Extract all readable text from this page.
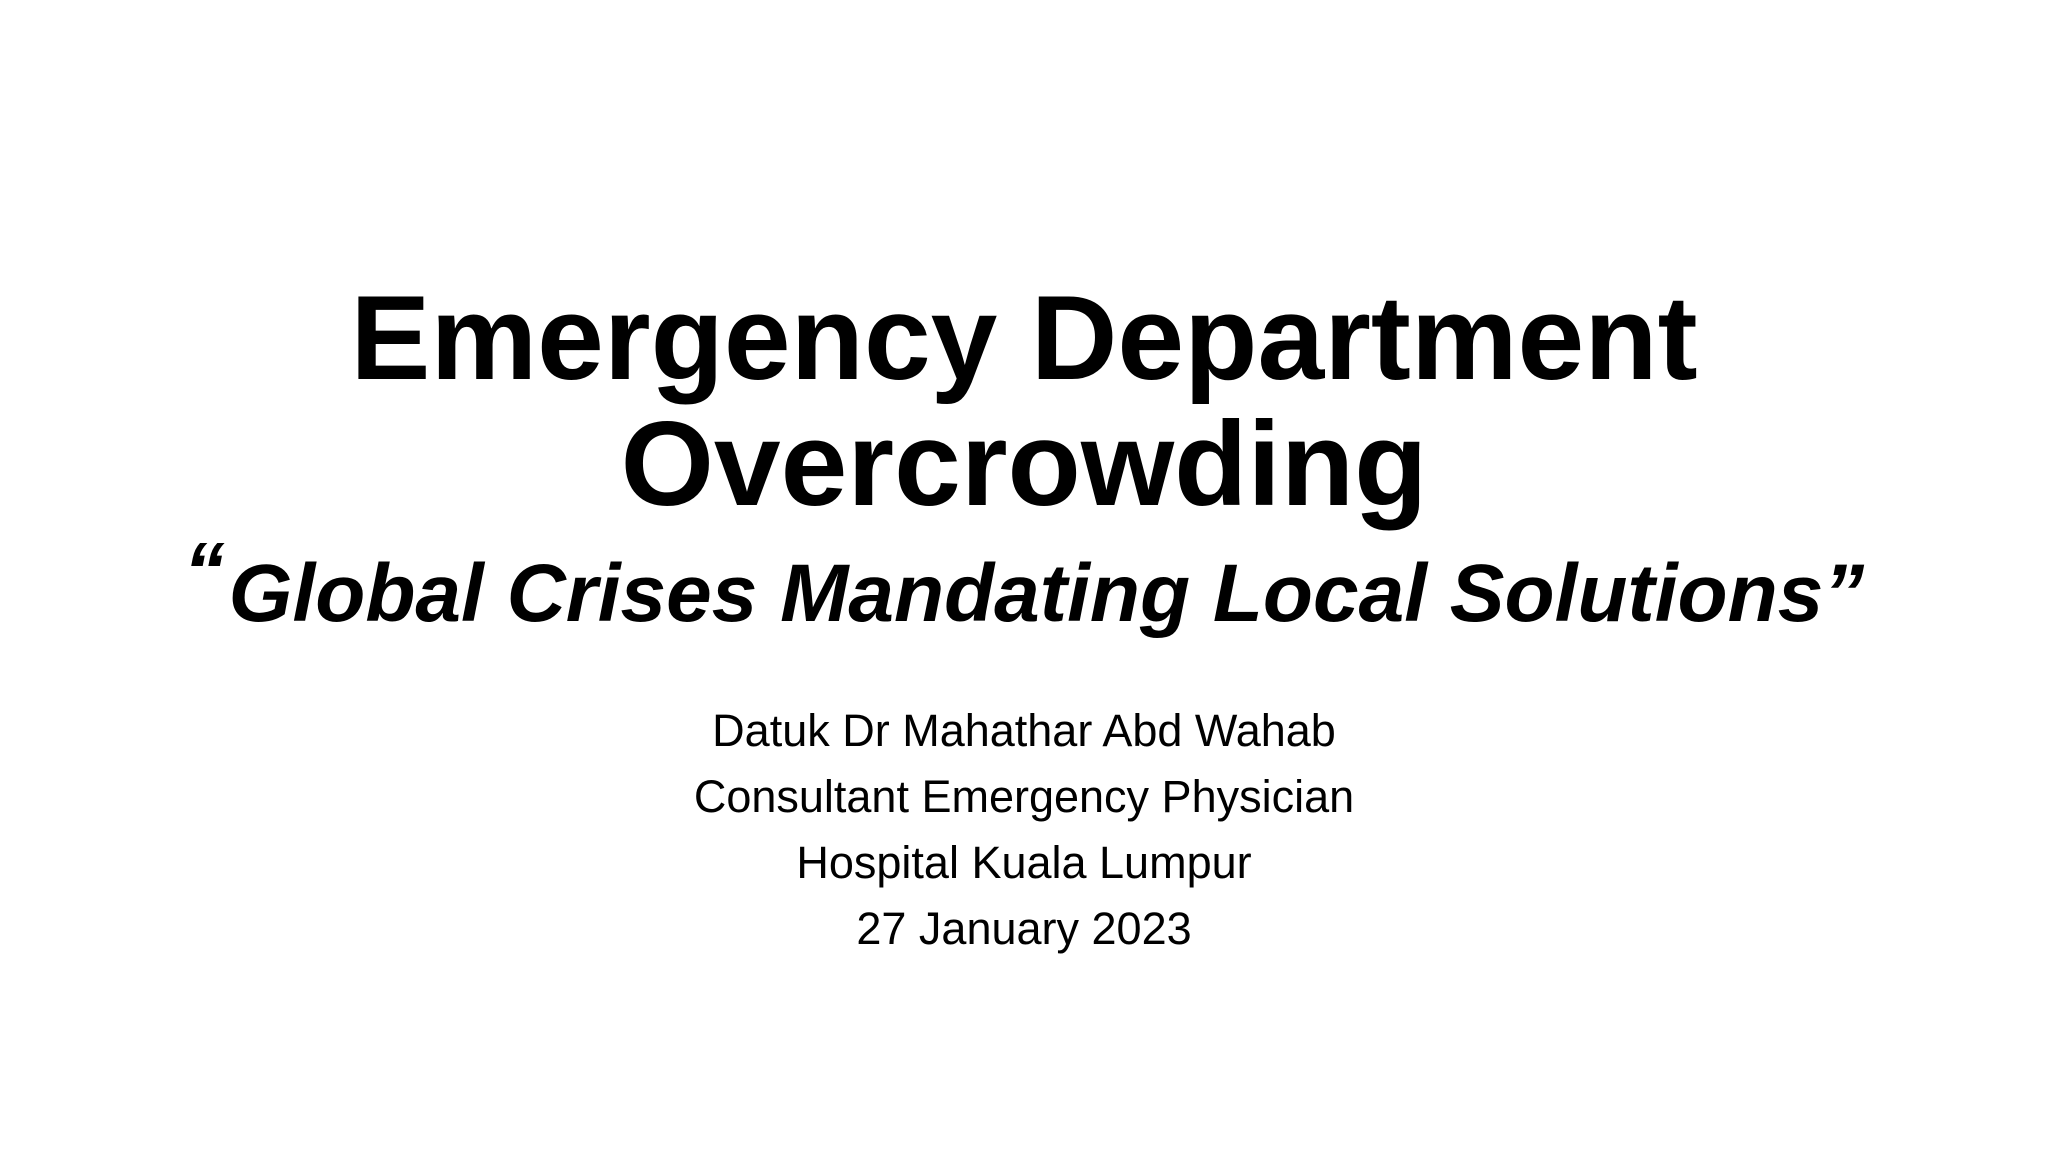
Emergency Department
Overcrowding
“Global Crises Mandating Local Solutions”
Datuk Dr Mahathar Abd Wahab
Consultant Emergency Physician
Hospital Kuala Lumpur
27 January 2023
